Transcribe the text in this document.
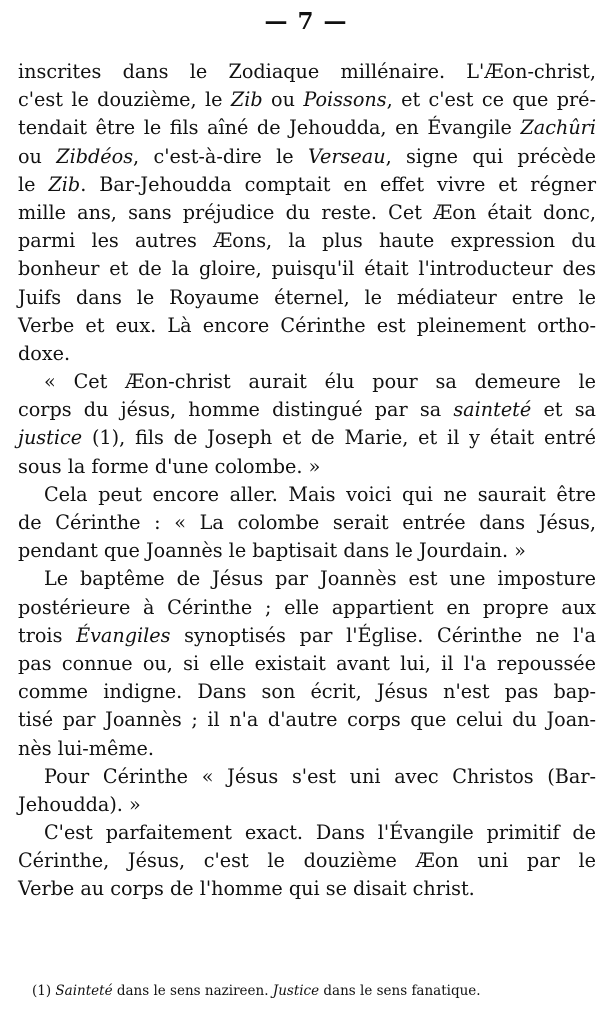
— 7 —
inscrites dans le Zodiaque millénaire. L'Æon-christ,
c'est le douzième, le Zib ou Poissons, et c'est ce que pré-
tendait être le fils aîné de Jehoudda, en Évangile Zachûri
ou Zibdéos, c'est-à-dire le Verseau, signe qui précède
le Zib. Bar-Jehoudda comptait en effet vivre et régner
mille ans, sans préjudice du reste. Cet Æon était donc,
parmi les autres Æons, la plus haute expression du
bonheur et de la gloire, puisqu'il était l'introducteur des
Juifs dans le Royaume éternel, le médiateur entre le
Verbe et eux. Là encore Cérinthe est pleinement ortho-
doxe.
« Cet Æon-christ aurait élu pour sa demeure le
corps du jésus, homme distingué par sa sainteté et sa
justice (1), fils de Joseph et de Marie, et il y était entré
sous la forme d'une colombe. »
Cela peut encore aller. Mais voici qui ne saurait être
de Cérinthe : « La colombe serait entrée dans Jésus,
pendant que Joannès le baptisait dans le Jourdain. »
Le baptême de Jésus par Joannès est une imposture
postérieure à Cérinthe ; elle appartient en propre aux
trois Évangiles synoptisés par l'Église. Cérinthe ne l'a
pas connue ou, si elle existait avant lui, il l'a repoussée
comme indigne. Dans son écrit, Jésus n'est pas bap-
tisé par Joannès ; il n'a d'autre corps que celui du Joan-
nès lui-même.
Pour Cérinthe « Jésus s'est uni avec Christos (Bar-
Jehoudda). »
C'est parfaitement exact. Dans l'Évangile primitif de
Cérinthe, Jésus, c'est le douzième Æon uni par le
Verbe au corps de l'homme qui se disait christ.
(1) Sainteté dans le sens nazireen. Justice dans le sens fanatique.
